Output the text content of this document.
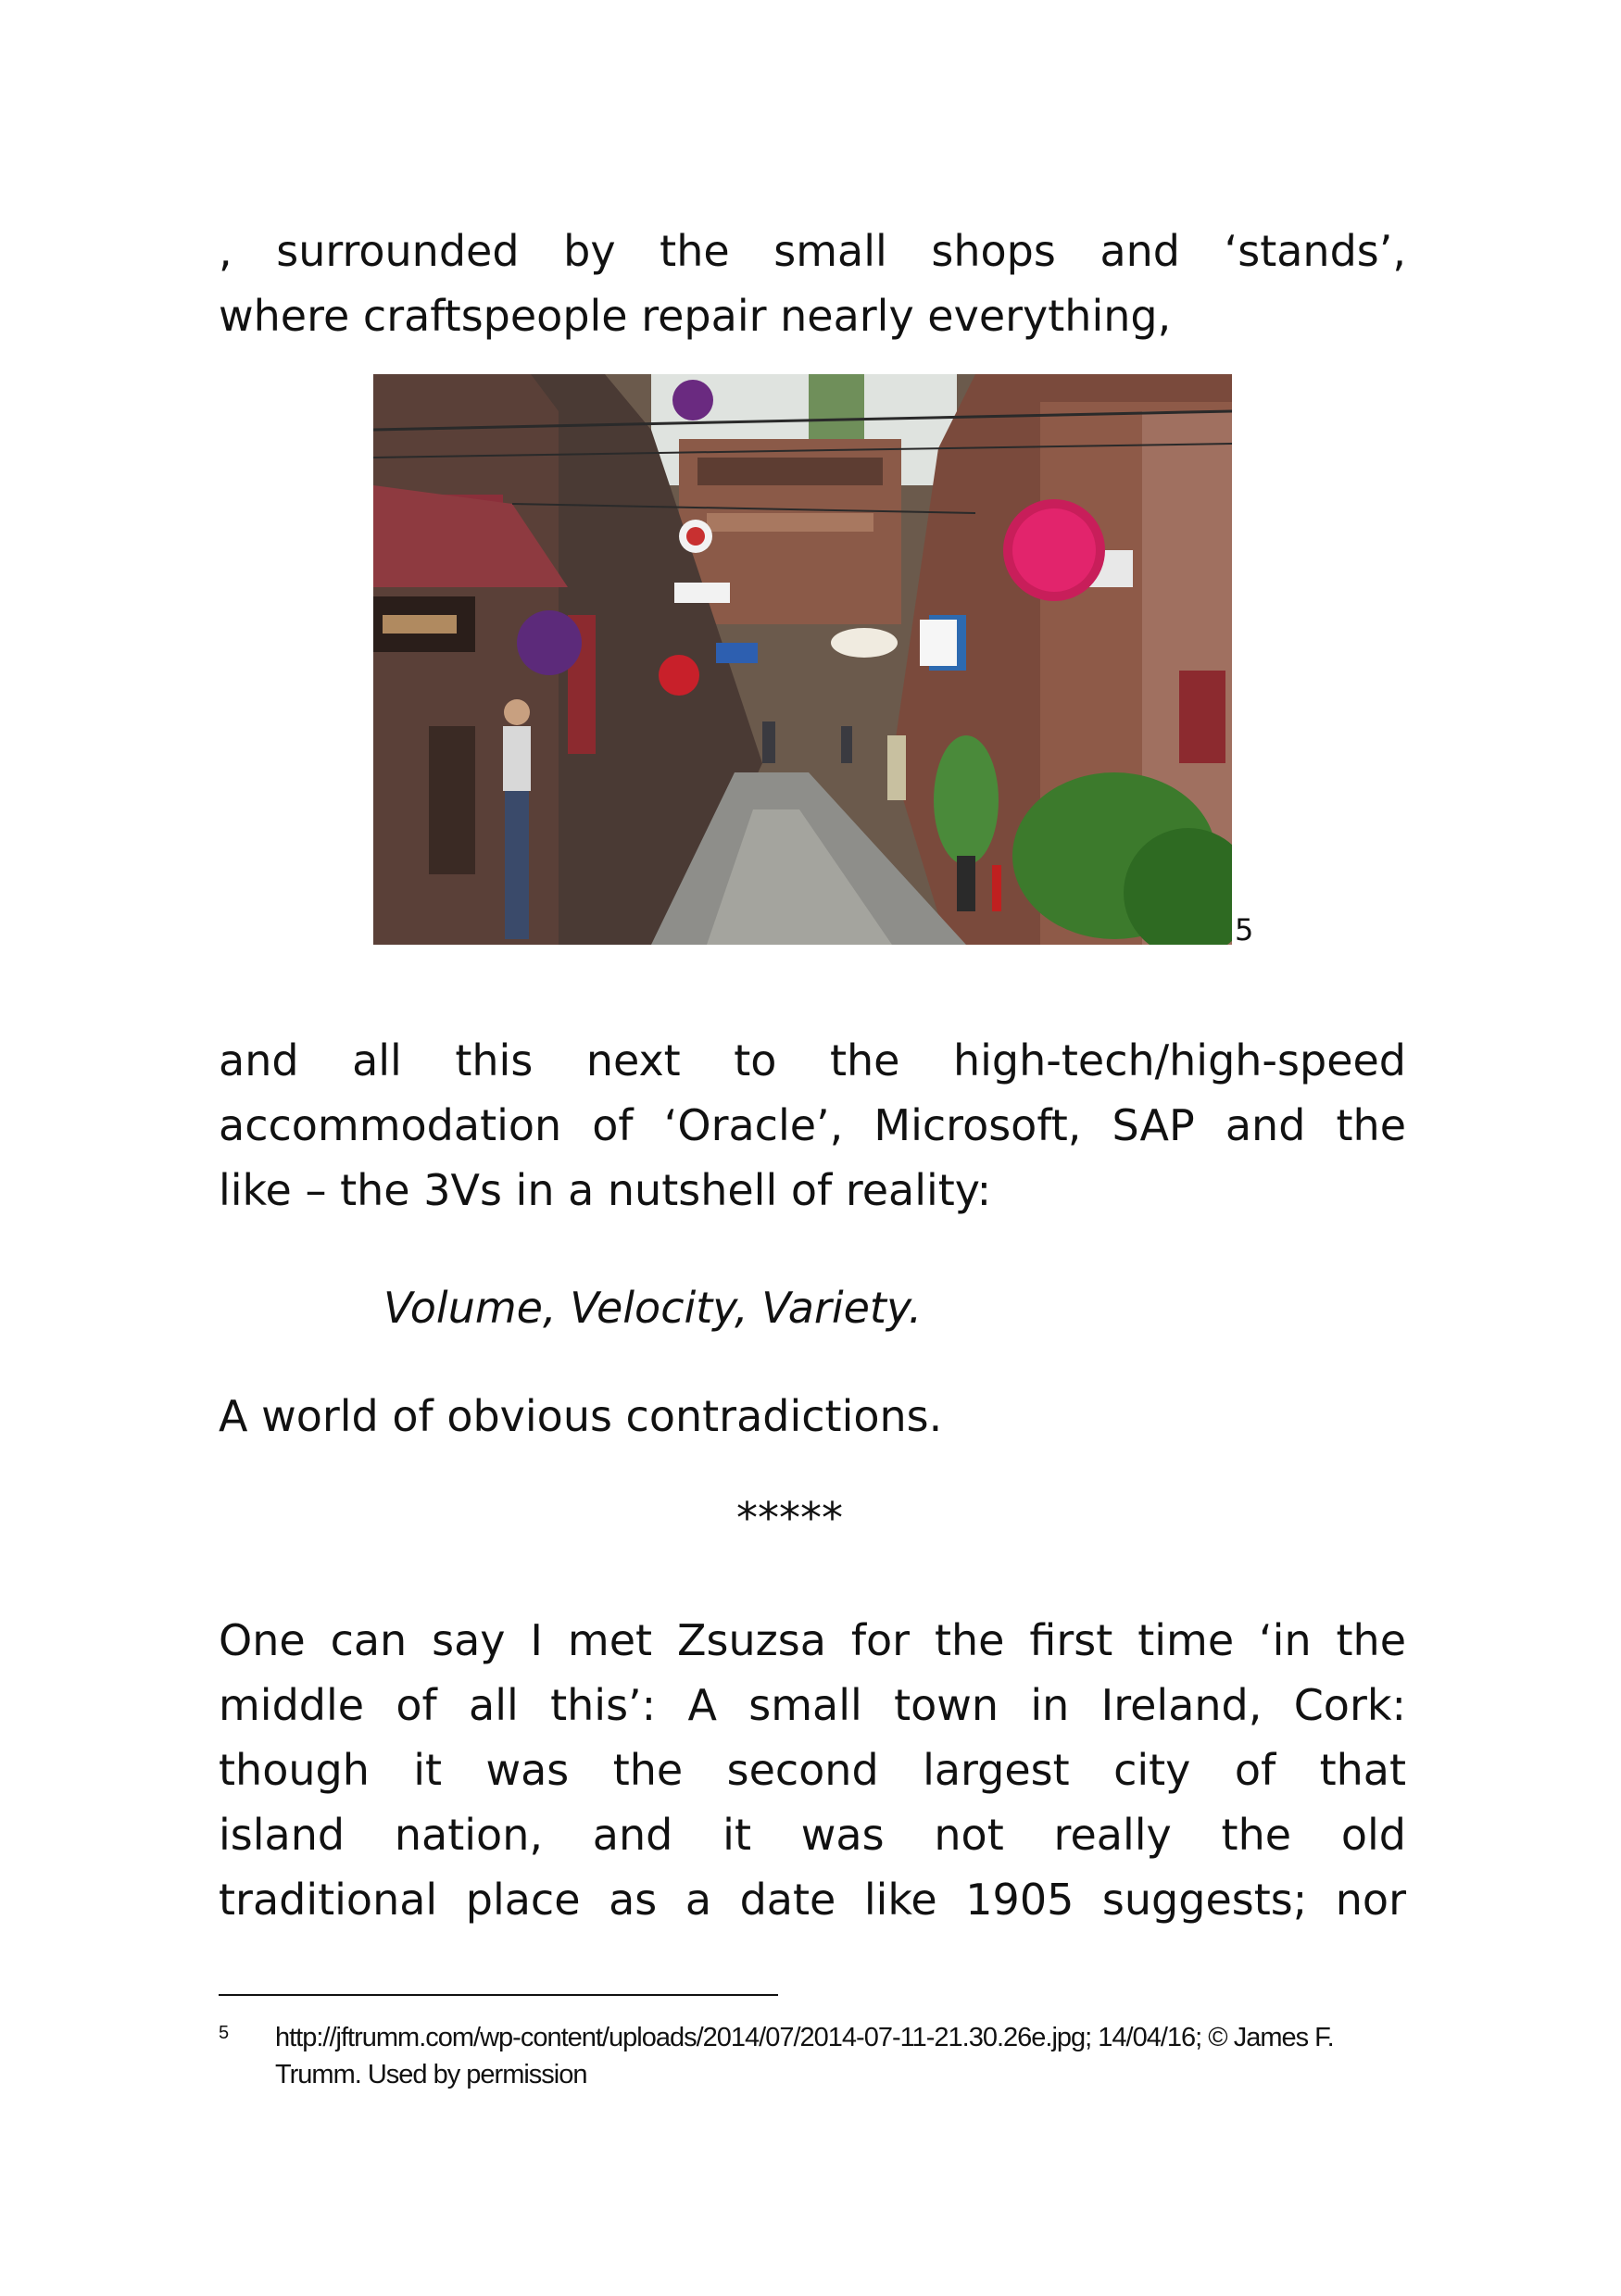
, surrounded by the small shops and ‘stands’,
where craftspeople repair nearly everything,
5
and all this next to the high-tech/high-speed
accommodation of ‘Oracle’, Microsoft, SAP and the
like – the 3Vs in a nutshell of reality:

Volume, Velocity, Variety.

A world of obvious contradictions.

*****

One can say I met Zsuzsa for the first time ‘in the
middle of all this’: A small town in Ireland, Cork:
though it was the second largest city of that
island nation, and it was not really the old
traditional place as a date like 1905 suggests; nor
5 http://jftrumm.com/wp-content/uploads/2014/07/2014-07-11-21.30.26e.jpg; 14/04/16; © James F.
Trumm. Used by permission
